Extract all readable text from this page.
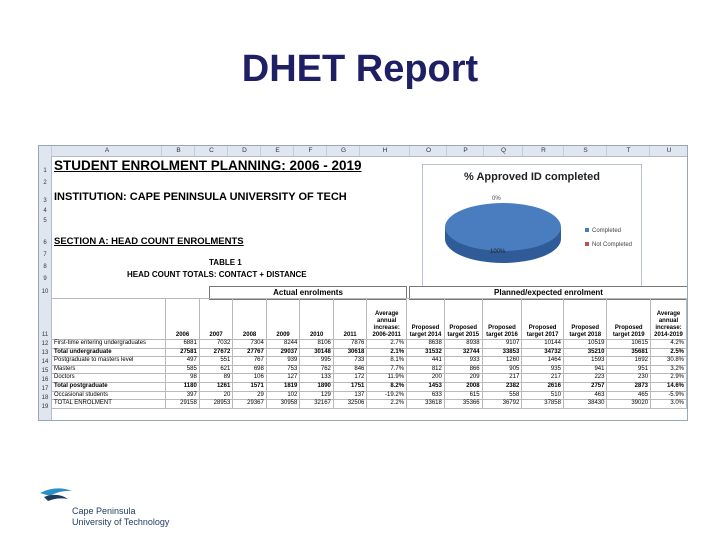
DHET Report
A	B	C	D	E	F	G	H	O	P	Q	R	S	T	U
1
2
3
4
5
6
7
8
9
10
11
12
13
14
15
16
17
18
19
STUDENT ENROLMENT PLANNING: 2006 - 2019
INSTITUTION: CAPE PENINSULA UNIVERSITY OF TECH
SECTION A: HEAD COUNT ENROLMENTS
TABLE 1
HEAD COUNT TOTALS: CONTACT + DISTANCE
% Approved ID completed
0%
100%
Completed
Not Completed
Actual enrolments	Planned/expected enrolment
	2006	2007	2008	2009	2010	2011	Average annual increase: 2006-2011	Proposed target 2014	Proposed target 2015	Proposed target 2016	Proposed target 2017	Proposed target 2018	Proposed target 2019	Average annual increase: 2014-2019
First-time entering undergraduates	6881	7032	7304	8244	8106	7876	2.7%	8638	8938	9107	10144	10519	10615	4.2%
Total undergraduate	27581	27672	27767	29037	30148	30618	2.1%	31532	32744	33853	34732	35210	35681	2.5%
Postgraduate to masters level	497	551	767	939	995	733	8.1%	441	933	1260	1464	1593	1692	30.8%
Masters	585	621	698	753	762	846	7.7%	812	866	905	935	941	951	3.2%
Doctors	98	89	106	127	133	172	11.9%	200	209	217	217	223	230	2.9%
Total postgraduate	1180	1261	1571	1819	1890	1751	8.2%	1453	2008	2382	2616	2757	2873	14.6%
Occasional students	397	20	29	102	129	137	-19.2%	633	615	558	510	463	465	-5.9%
TOTAL ENROLMENT	29158	28953	29367	30958	32167	32506	2.2%	33618	35366	36792	37858	38430	39020	3.0%
Cape Peninsula
University of Technology
